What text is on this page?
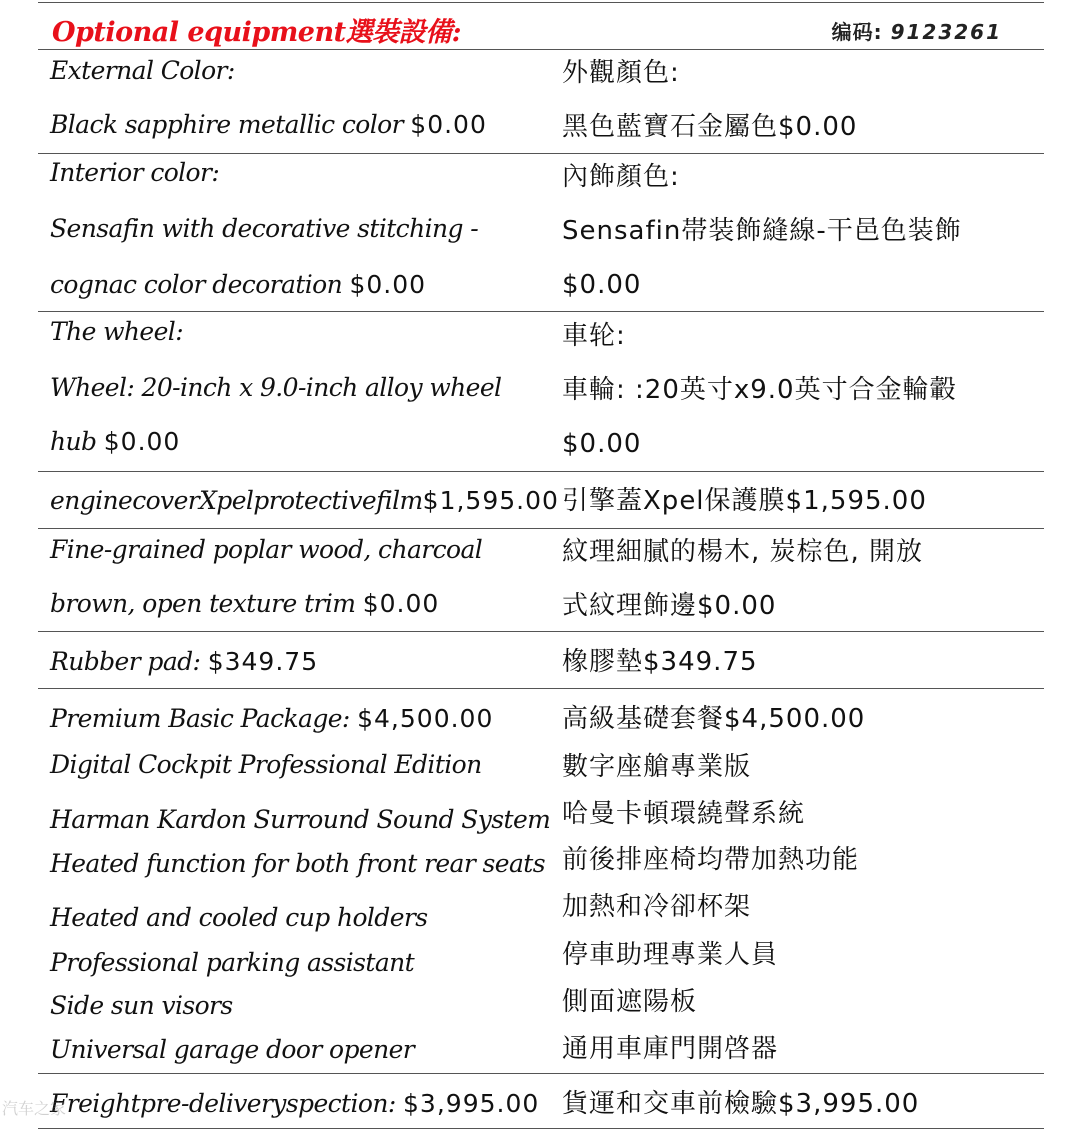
Optional equipment選裝設備:	编码: 9123261
External Color:
Black sapphire metallic color $0.00
外觀顏色:
黑色藍寶石金屬色$0.00
Interior color:
Sensafin with decorative stitching -
cognac color decoration $0.00
內飾顏色:
Sensafin帯装飾縫線-干邑色装飾
$0.00
The wheel:
Wheel: 20-inch x 9.0-inch alloy wheel
hub $0.00
車轮:
車輪: :20英寸x9.0英寸合金輪轂
$0.00
enginecoverXpelprotectivefilm$1,595.00 引擎蓋Xpel保護膜$1,595.00
Fine-grained poplar wood, charcoal
brown, open texture trim $0.00
紋理細膩的楊木, 炭棕色, 開放
式紋理飾邊$0.00
Rubber pad: $349.75	橡膠墊$349.75
Premium Basic Package: $4,500.00
Digital Cockpit Professional Edition
Harman Kardon Surround Sound System
Heated function for both front rear seats
Heated and cooled cup holders
Professional parking assistant
Side sun visors
Universal garage door opener
高級基礎套餐$4,500.00
數字座艙專業版
哈曼卡頓環繞聲系統
前後排座椅均帶加熱功能
加熱和冷卻杯架
停車助理專業人員
側面遮陽板
通用車庫門開啓器
Freightpre-deliveryspection: $3,995.00 貨運和交車前檢驗$3,995.00
汽车之家
